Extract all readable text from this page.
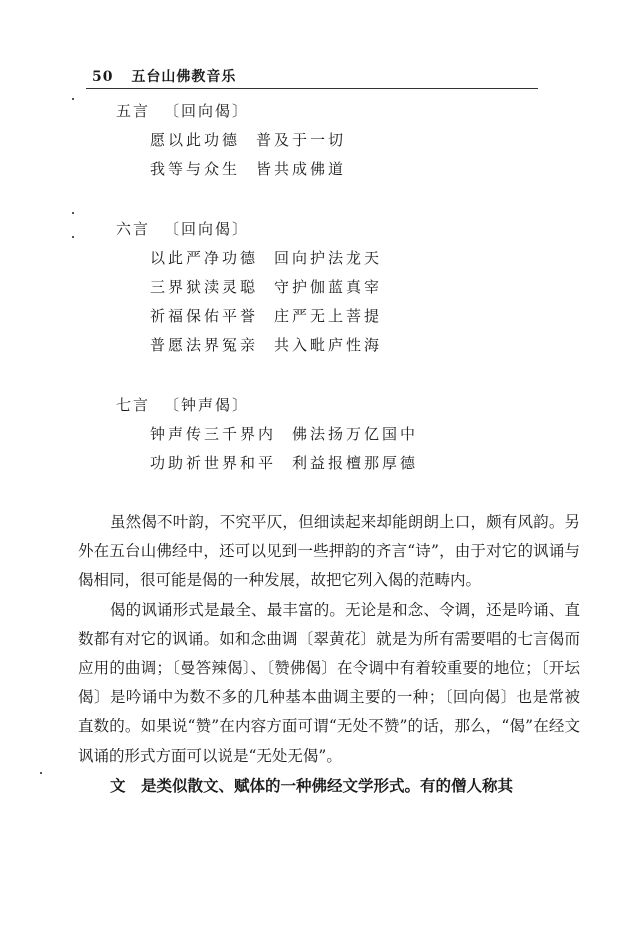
50 五台山佛教音乐
五言 〔回向偈〕
愿以此功德 普及于一切
我等与众生 皆共成佛道
六言 〔回向偈〕
以此严净功德 回向护法龙天
三界狱渎灵聪 守护伽蓝真宰
祈福保佑平誉 庄严无上菩提
普愿法界冤亲 共入毗庐性海
七言 〔钟声偈〕
钟声传三千界内 佛法扬万亿国中
功助祈世界和平 利益报檀那厚德

虽然偈不叶韵，不究平仄，但细读起来却能朗朗上口，颇有风韵。另外在五台山佛经中，还可以见到一些押韵的齐言“诗”，由于对它的讽诵与偈相同，很可能是偈的一种发展，故把它列入偈的范畴内。

偈的讽诵形式是最全、最丰富的。无论是和念、令调，还是吟诵、直数都有对它的讽诵。如和念曲调〔翠黄花〕就是为所有需要唱的七言偈而应用的曲调；〔曼答辣偈〕、〔赞佛偈〕在令调中有着较重要的地位；〔开坛偈〕是吟诵中为数不多的几种基本曲调主要的一种；〔回向偈〕也是常被直数的。如果说“赞”在内容方面可谓“无处不赞”的话，那么，“偈”在经文讽诵的形式方面可以说是“无处无偈”。

文　是类似散文、赋体的一种佛经文学形式。有的僧人称其
